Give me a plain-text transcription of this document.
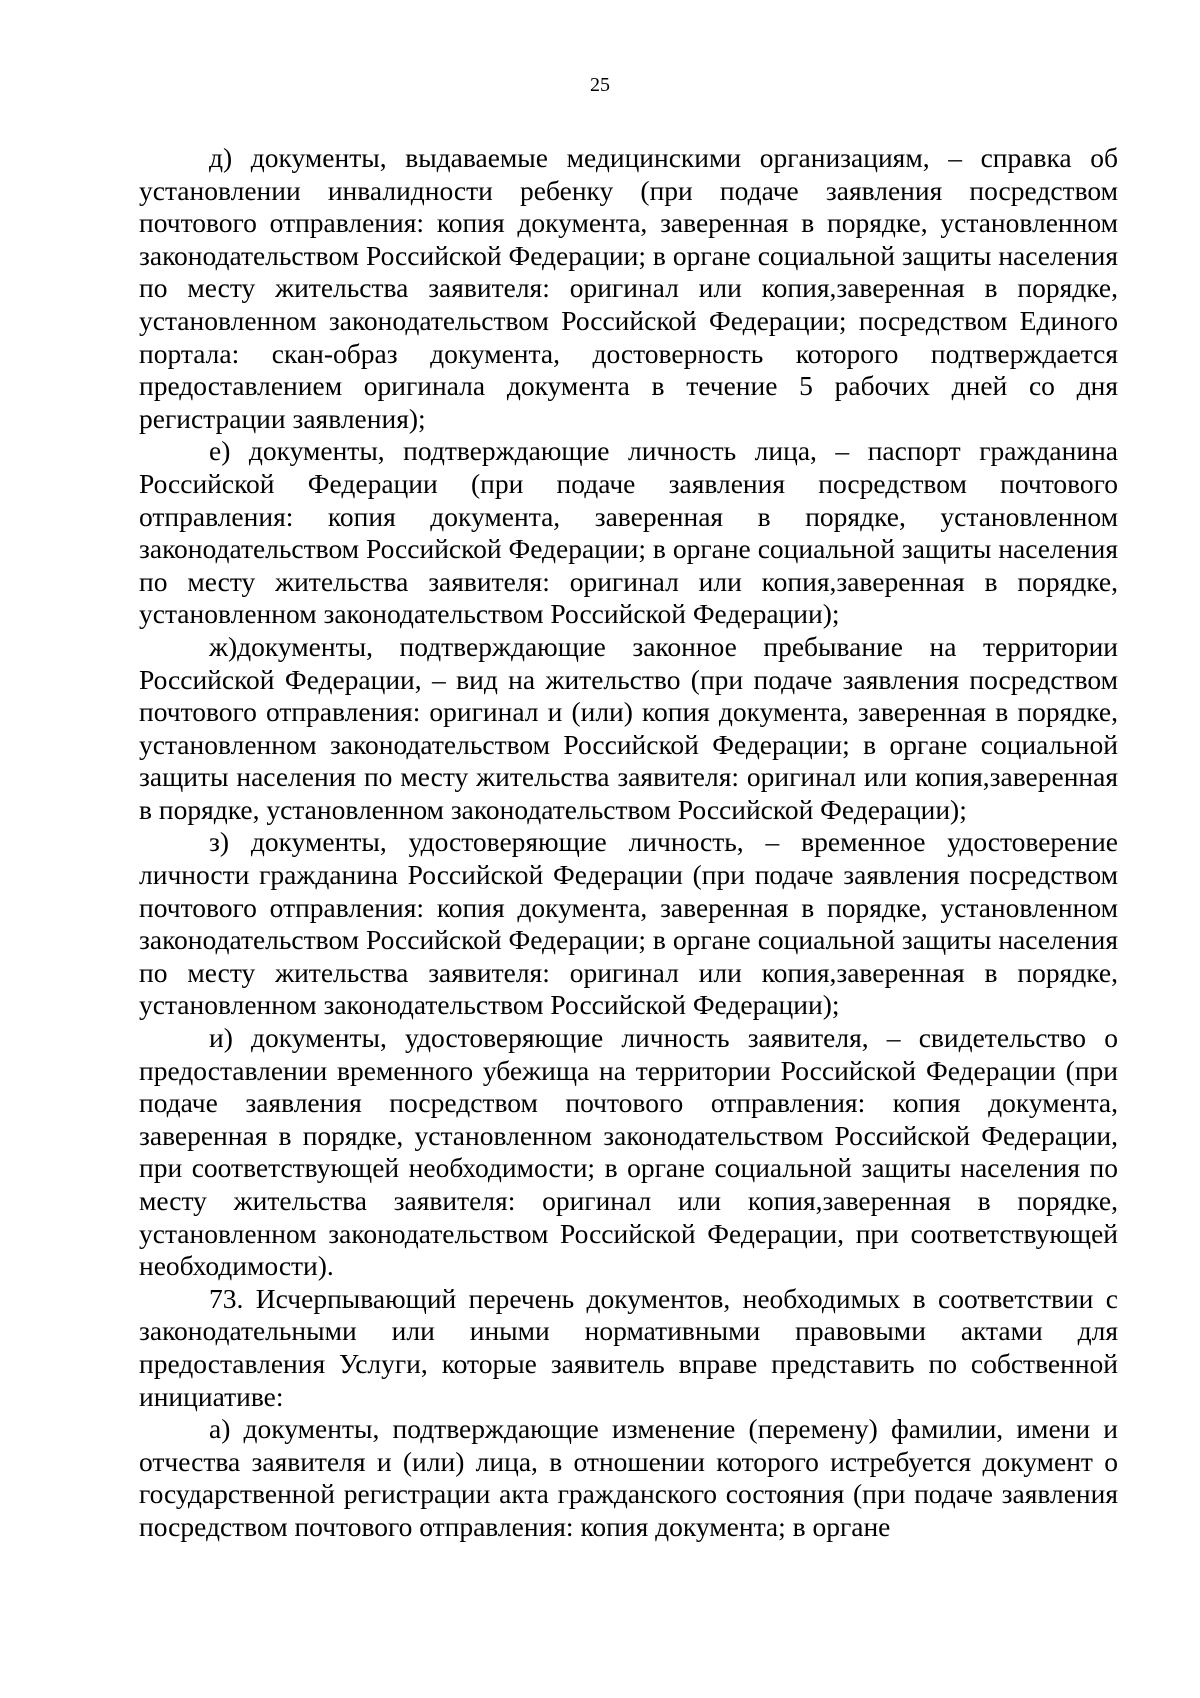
25

д) документы, выдаваемые медицинскими организациям, – справка об установлении инвалидности ребенку (при подаче заявления посредством почтового отправления: копия документа, заверенная в порядке, установленном законодательством Российской Федерации; в органе социальной защиты населения по месту жительства заявителя: оригинал или копия,заверенная в порядке, установленном законодательством Российской Федерации; посредством Единого портала: скан-образ документа, достоверность которого подтверждается предоставлением оригинала документа в течение 5 рабочих дней со дня регистрации заявления);

е) документы, подтверждающие личность лица, – паспорт гражданина Российской Федерации (при подаче заявления посредством почтового отправления: копия документа, заверенная в порядке, установленном законодательством Российской Федерации; в органе социальной защиты населения по месту жительства заявителя: оригинал или копия,заверенная в порядке, установленном законодательством Российской Федерации);

ж)документы, подтверждающие законное пребывание на территории Российской Федерации, – вид на жительство (при подаче заявления посредством почтового отправления: оригинал и (или) копия документа, заверенная в порядке, установленном законодательством Российской Федерации; в органе социальной защиты населения по месту жительства заявителя: оригинал или копия,заверенная в порядке, установленном законодательством Российской Федерации);

з) документы, удостоверяющие личность, – временное удостоверение личности гражданина Российской Федерации (при подаче заявления посредством почтового отправления: копия документа, заверенная в порядке, установленном законодательством Российской Федерации; в органе социальной защиты населения по месту жительства заявителя: оригинал или копия,заверенная в порядке, установленном законодательством Российской Федерации);

и) документы, удостоверяющие личность заявителя, – свидетельство о предоставлении временного убежища на территории Российской Федерации (при подаче заявления посредством почтового отправления: копия документа, заверенная в порядке, установленном законодательством Российской Федерации, при соответствующей необходимости; в органе социальной защиты населения по месту жительства заявителя: оригинал или копия,заверенная в порядке, установленном законодательством Российской Федерации, при соответствующей необходимости).

73. Исчерпывающий перечень документов, необходимых в соответствии с законодательными или иными нормативными правовыми актами для предоставления Услуги, которые заявитель вправе представить по собственной инициативе:

а) документы, подтверждающие изменение (перемену) фамилии, имени и отчества заявителя и (или) лица, в отношении которого истребуется документ о государственной регистрации акта гражданского состояния (при подаче заявления посредством почтового отправления: копия документа; в органе
